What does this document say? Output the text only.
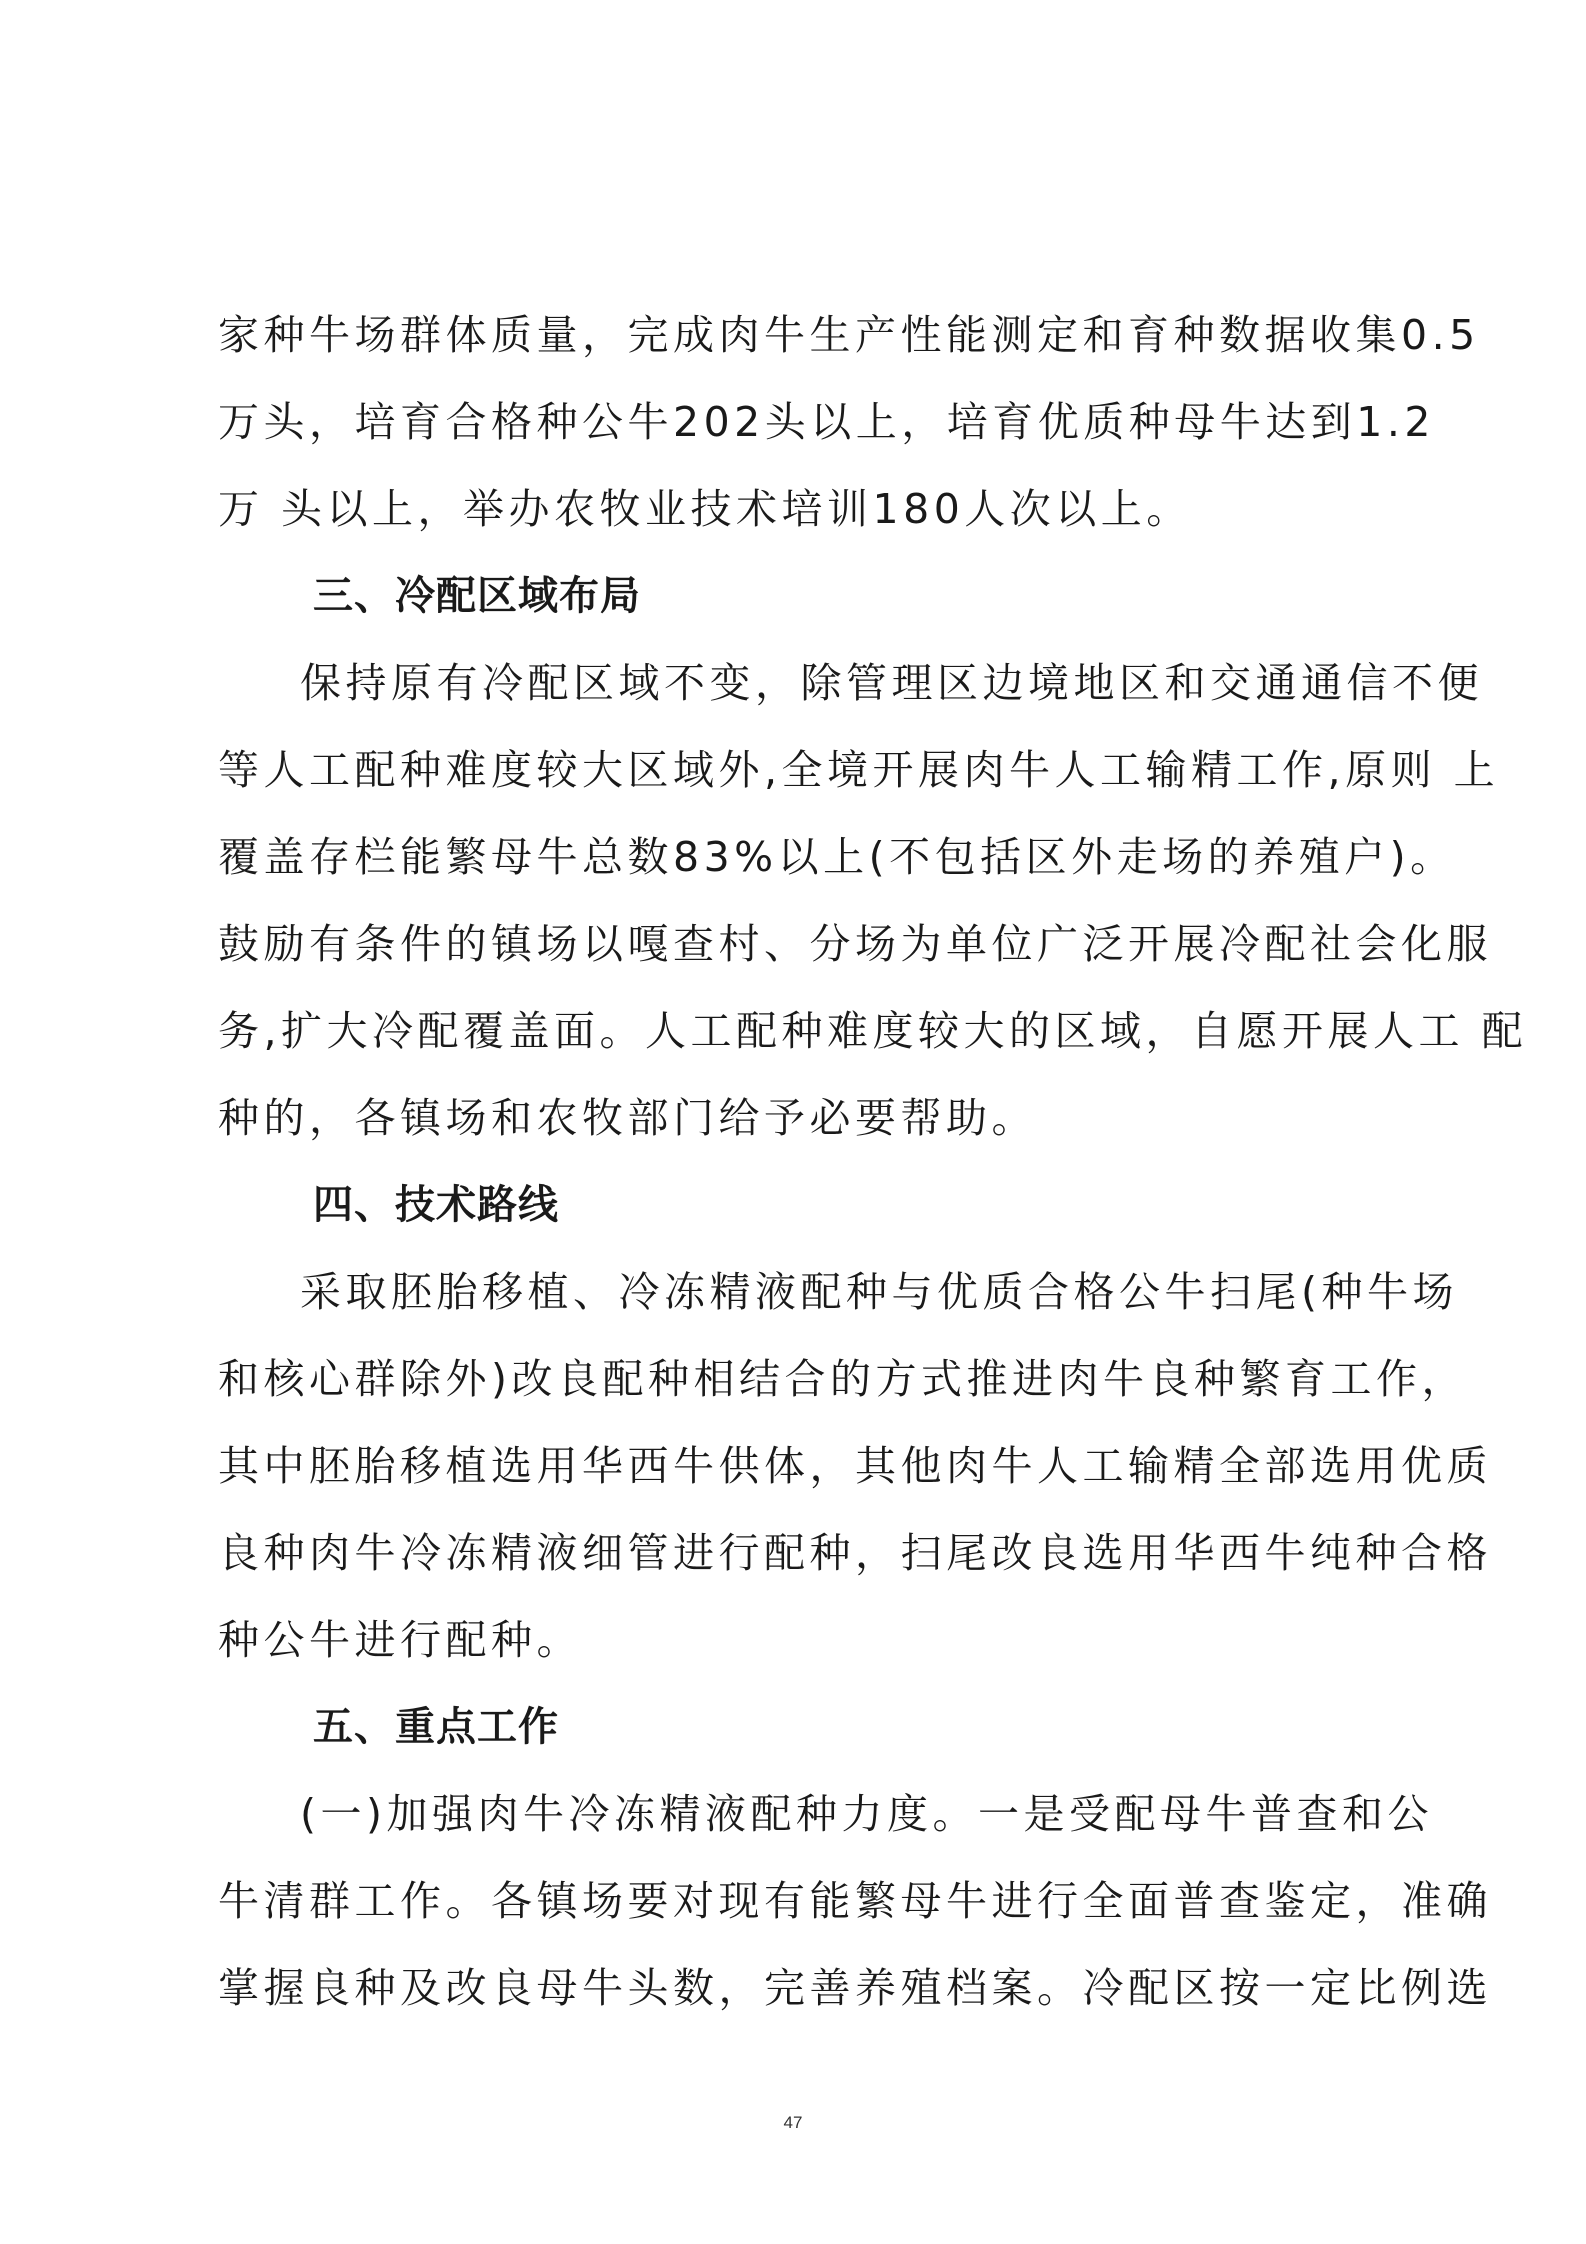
家种牛场群体质量，完成肉牛生产性能测定和育种数据收集0.5
万头，培育合格种公牛202头以上，培育优质种母牛达到1.2
万 头以上，举办农牧业技术培训180人次以上。
三、冷配区域布局
保持原有冷配区域不变，除管理区边境地区和交通通信不便
等人工配种难度较大区域外,全境开展肉牛人工输精工作,原则 上
覆盖存栏能繁母牛总数83%以上(不包括区外走场的养殖户)。
鼓励有条件的镇场以嘎查村、分场为单位广泛开展冷配社会化服
务,扩大冷配覆盖面。人工配种难度较大的区域，自愿开展人工 配
种的，各镇场和农牧部门给予必要帮助。
四、技术路线
采取胚胎移植、冷冻精液配种与优质合格公牛扫尾(种牛场
和核心群除外)改良配种相结合的方式推进肉牛良种繁育工作，
其中胚胎移植选用华西牛供体，其他肉牛人工输精全部选用优质
良种肉牛冷冻精液细管进行配种，扫尾改良选用华西牛纯种合格
种公牛进行配种。
五、重点工作
(一)加强肉牛冷冻精液配种力度。一是受配母牛普查和公
牛清群工作。各镇场要对现有能繁母牛进行全面普查鉴定，准确
掌握良种及改良母牛头数，完善养殖档案。冷配区按一定比例选
47
